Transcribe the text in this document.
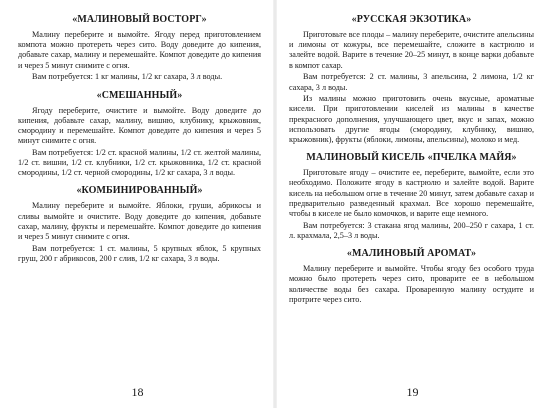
«МАЛИНОВЫЙ ВОСТОРГ»

Малину переберите и вымойте. Ягоду перед приготовлением компота можно протереть через сито. Воду доведите до кипения, добавьте сахар, малину и перемешайте. Компот доведите до кипения и через 5 минут снимите с огня.

Вам потребуется: 1 кг малины, 1/2 кг сахара, 3 л воды.

«СМЕШАННЫЙ»

Ягоду переберите, очистите и вымойте. Воду доведите до кипения, добавьте сахар, малину, вишню, клубнику, крыжовник, смородину и перемешайте. Компот доведите до кипения и через 5 минут снимите с огня.

Вам потребуется: 1/2 ст. красной малины, 1/2 ст. желтой малины, 1/2 ст. вишни, 1/2 ст. клубники, 1/2 ст. крыжовника, 1/2 ст. красной смородины, 1/2 ст. черной смородины, 1/2 кг сахара, 3 л воды.

«КОМБИНИРОВАННЫЙ»

Малину переберите и вымойте. Яблоки, груши, абрикосы и сливы вымойте и очистите. Воду доведите до кипения, добавьте сахар, малину, фрукты и перемешайте. Компот доведите до кипения и через 5 минут снимите с огня.

Вам потребуется: 1 ст. малины, 5 крупных яблок, 5 крупных груш, 200 г абрикосов, 200 г слив, 1/2 кг сахара, 3 л воды.

18
«РУССКАЯ ЭКЗОТИКА»

Приготовьте все плоды – малину переберите, очистите апельсины и лимоны от кожуры, все перемешайте, сложите в кастрюлю и залейте водой. Варите в течение 20–25 минут, в конце варки добавьте в компот сахар.

Вам потребуется: 2 ст. малины, 3 апельсина, 2 лимона, 1/2 кг сахара, 3 л воды.

Из малины можно приготовить очень вкусные, ароматные кисели. При приготовлении киселей из малины в качестве прекрасного дополнения, улучшающего цвет, вкус и запах, можно использовать другие ягоды (смородину, клубнику, вишню, крыжовник), фрукты (яблоки, лимоны, апельсины), молоко и мед.

МАЛИНОВЫЙ КИСЕЛЬ «ПЧЕЛКА МАЙЯ»

Приготовьте ягоду – очистите ее, переберите, вымойте, если это необходимо. Положите ягоду в кастрюлю и залейте водой. Варите кисель на небольшом огне в течение 20 минут, затем добавьте сахар и предварительно разведенный крахмал. Все хорошо перемешайте, чтобы в киселе не было комочков, и варите еще немного.

Вам потребуется: 3 стакана ягод малины, 200–250 г сахара, 1 ст. л. крахмала, 2,5–3 л воды.

«МАЛИНОВЫЙ АРОМАТ»

Малину переберите и вымойте. Чтобы ягоду без особого труда можно было протереть через сито, проварите ее в небольшом количестве воды без сахара. Проваренную малину остудите и протрите через сито.

19
